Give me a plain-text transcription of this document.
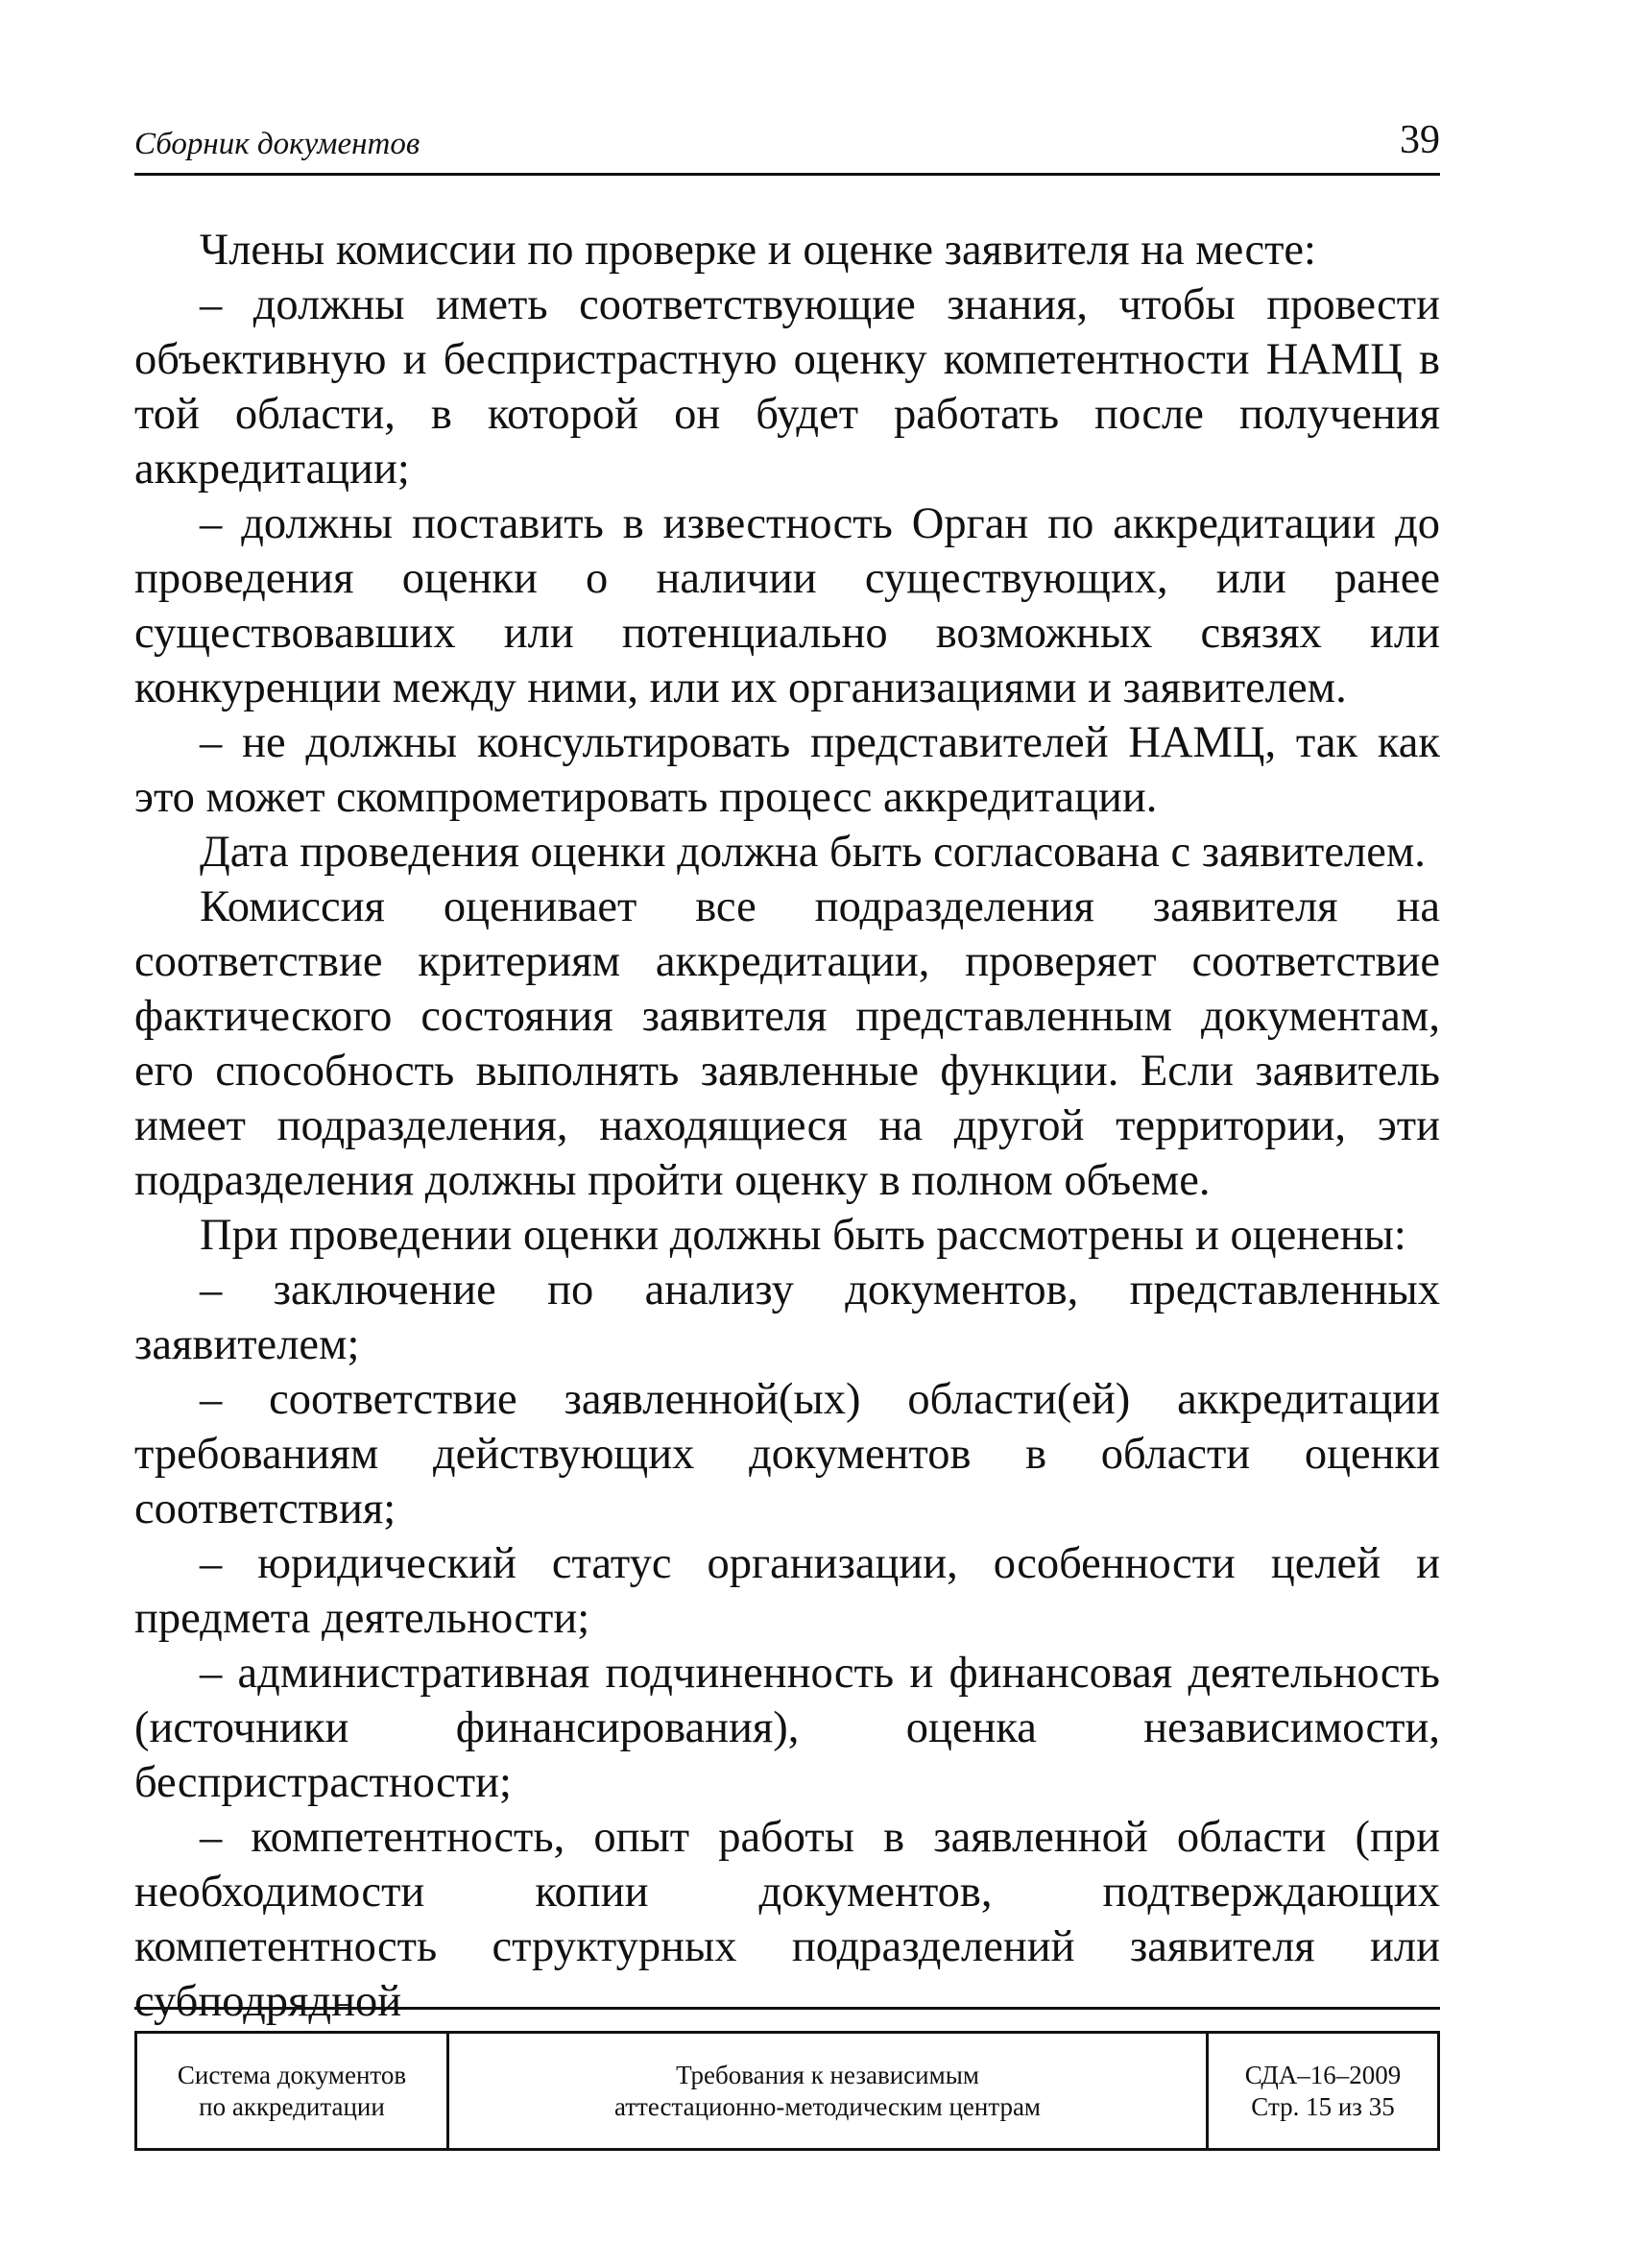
Сборник документов	39

Члены комиссии по проверке и оценке заявителя на месте:

– должны иметь соответствующие знания, чтобы провести объективную и беспристрастную оценку компетентности НАМЦ в той области, в которой он будет работать после получения аккредитации;

– должны поставить в известность Орган по аккредитации до проведения оценки о наличии существующих, или ранее существовавших или потенциально возможных связях или конкуренции между ними, или их организациями и заявителем.

– не должны консультировать представителей НАМЦ, так как это может скомпрометировать процесс аккредитации.

Дата проведения оценки должна быть согласована с заявителем.

Комиссия оценивает все подразделения заявителя на соответствие критериям аккредитации, проверяет соответствие фактического состояния заявителя представленным документам, его способность выполнять заявленные функции. Если заявитель имеет подразделения, находящиеся на другой территории, эти подразделения должны пройти оценку в полном объеме.

При проведении оценки должны быть рассмотрены и оценены:

– заключение по анализу документов, представленных заявителем;

– соответствие заявленной(ых) области(ей) аккредитации требованиям действующих документов в области оценки соответствия;

– юридический статус организации, особенности целей и предмета деятельности;

– административная подчиненность и финансовая деятельность (источники финансирования), оценка независимости, беспристрастности;

– компетентность, опыт работы в заявленной области (при необходимости копии документов, подтверждающих компетентность структурных подразделений заявителя или субподрядной

Система документов
по аккредитации
Требования к независимым
аттестационно-методическим центрам
СДА–16–2009
Стр. 15 из 35
